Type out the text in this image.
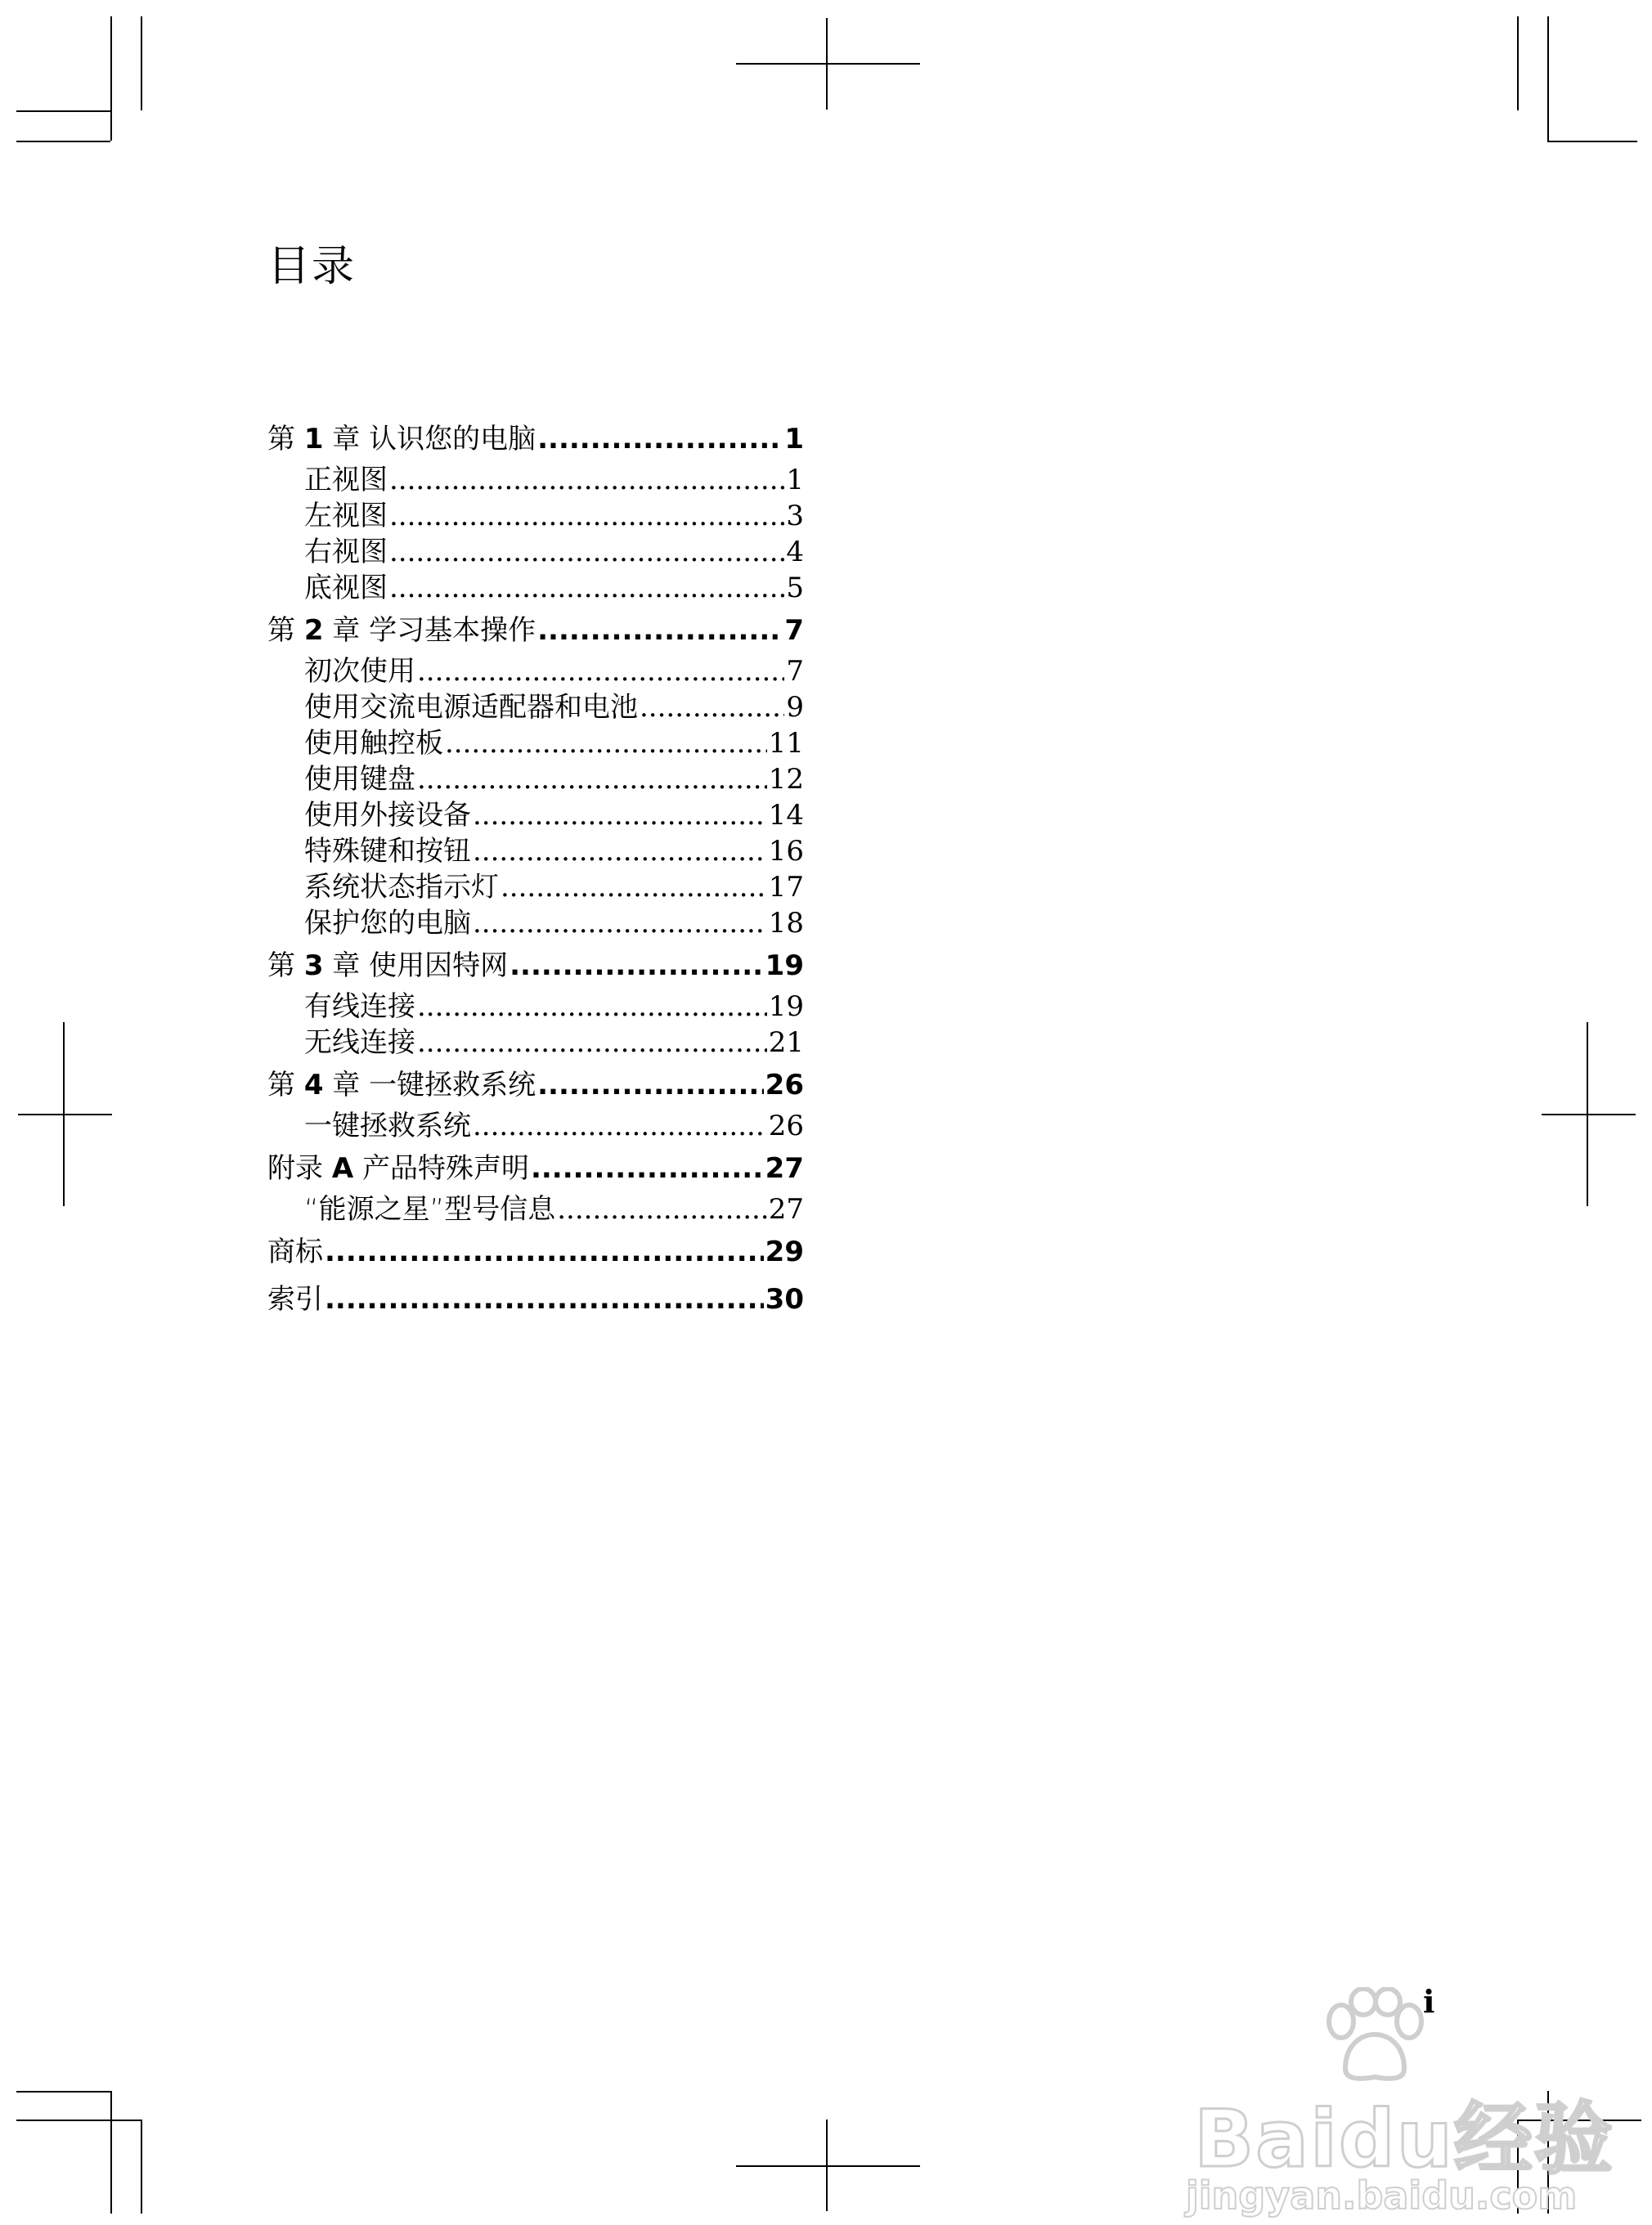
目录
第 1 章 认识您的电脑 .....	1
正视图 .....	1
左视图 .....	3
右视图 .....	4
底视图 .....	5
第 2 章 学习基本操作 .....	7
初次使用 .....	7
使用交流电源适配器和电池 .....	9
使用触控板 .....	11
使用键盘 .....	12
使用外接设备 .....	14
特殊键和按钮 .....	16
系统状态指示灯 .....	17
保护您的电脑 .....	18
第 3 章 使用因特网 .....	19
有线连接 .....	19
无线连接 .....	21
第 4 章 一键拯救系统 .....	26
一键拯救系统 .....	26
附录 A 产品特殊声明 .....	27
“能源之星”型号信息 .....	27
商标 .....	29
索引 .....	30
i
Baidu经验
jingyan.baidu.com
